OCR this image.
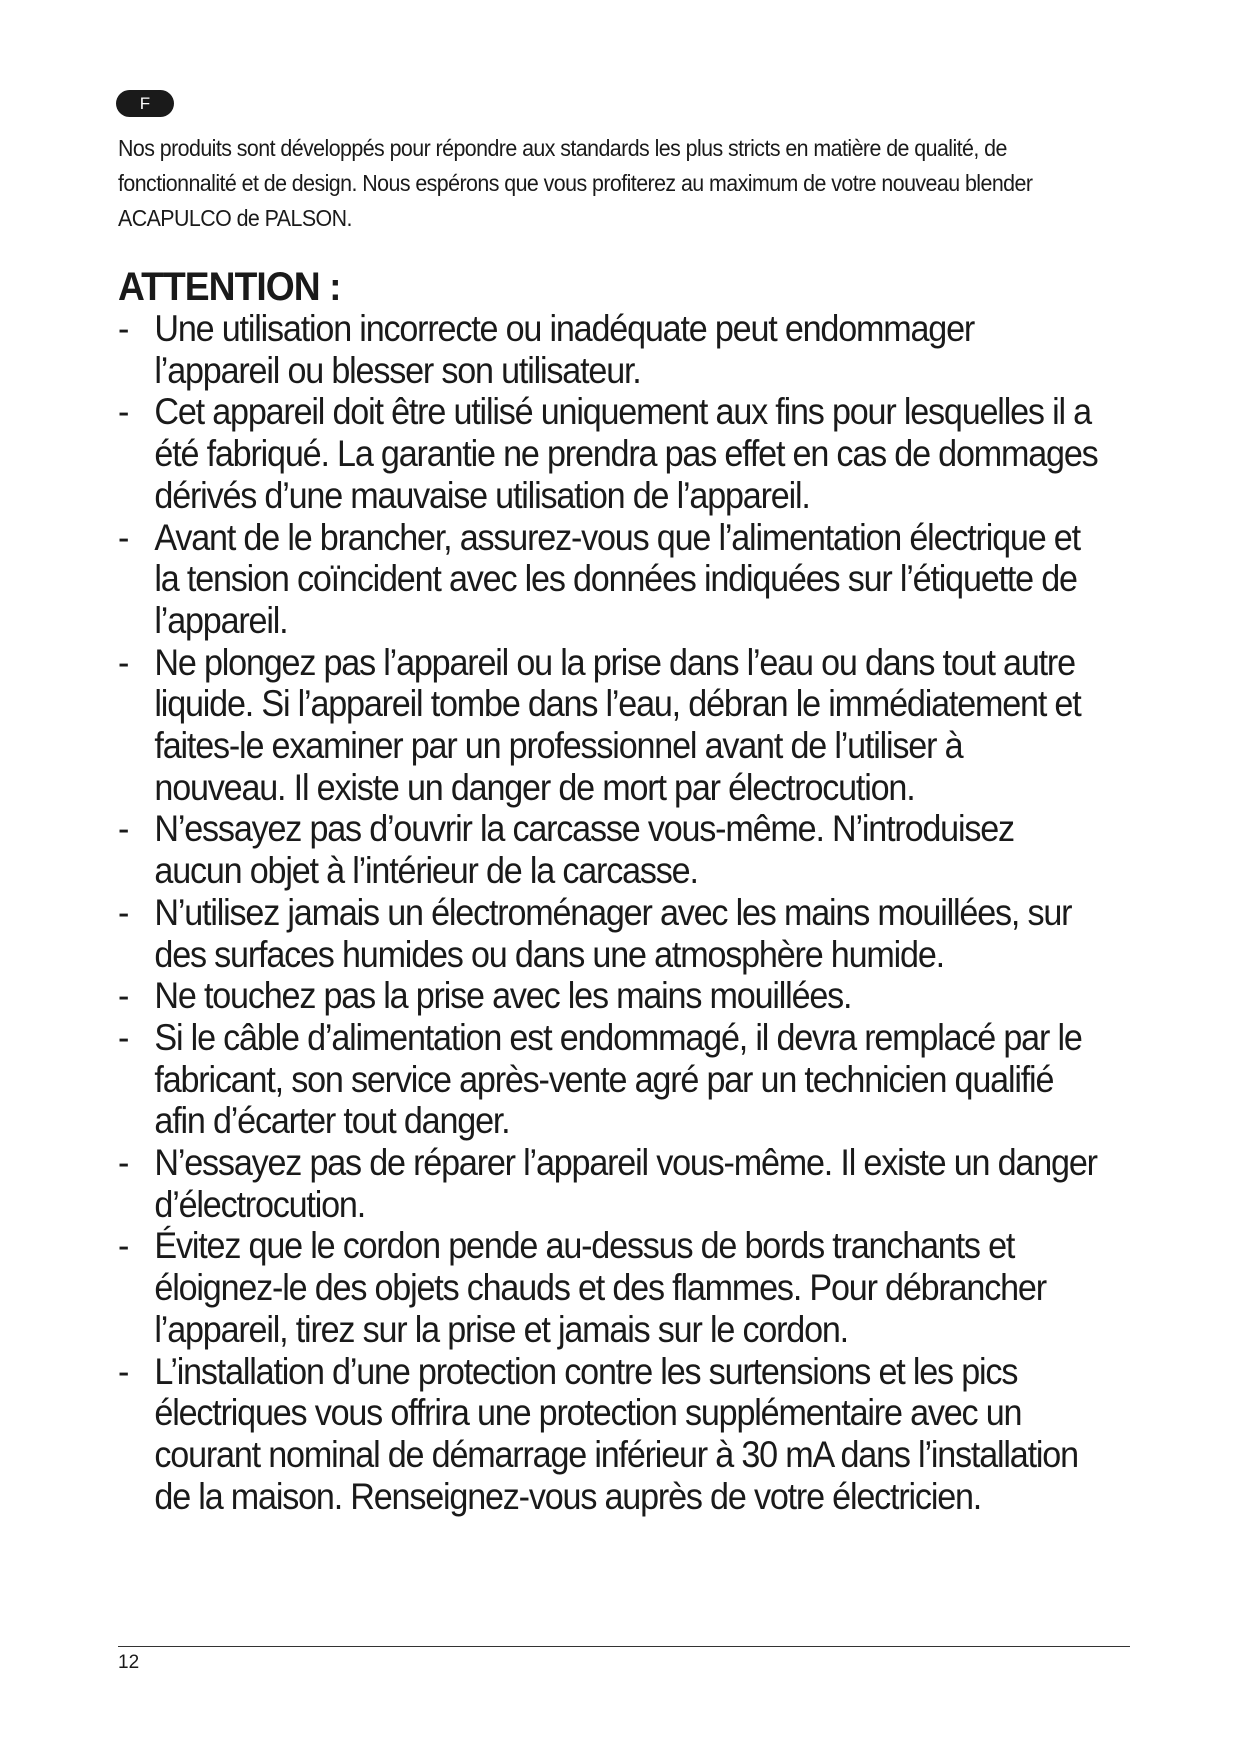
F
Nos produits sont développés pour répondre aux standards les plus stricts en matière de qualité, de fonctionnalité et de design. Nous espérons que vous profiterez au maximum de votre nouveau blender ACAPULCO de PALSON.
ATTENTION :
- Une utilisation incorrecte ou inadéquate peut endommager l’appareil ou blesser son utilisateur.
- Cet appareil doit être utilisé uniquement aux fins pour lesquelles il a été fabriqué. La garantie ne prendra pas effet en cas de dommages dérivés d’une mauvaise utilisation de l’appareil.
- Avant de le brancher, assurez-vous que l’alimentation électrique et la tension coïncident avec les données indiquées sur l’étiquette de l’appareil.
- Ne plongez pas l’appareil ou la prise dans l’eau ou dans tout autre liquide. Si l’appareil tombe dans l’eau, débran le immédiatement et faites-le examiner par un professionnel avant de l’utiliser à nouveau. Il existe un danger de mort par électrocution.
- N’essayez pas d’ouvrir la carcasse vous-même. N’introduisez aucun objet à l’intérieur de la carcasse.
- N’utilisez jamais un électroménager avec les mains mouillées, sur des surfaces humides ou dans une atmosphère humide.
- Ne touchez pas la prise avec les mains mouillées.
- Si le câble d’alimentation est endommagé, il devra remplacé par le fabricant, son service après-vente agré par un technicien qualifié afin d’écarter tout danger.
- N’essayez pas de réparer l’appareil vous-même. Il existe un danger d’électrocution.
- Évitez que le cordon pende au-dessus de bords tranchants et éloignez-le des objets chauds et des flammes. Pour débrancher l’appareil, tirez sur la prise et jamais sur le cordon.
- L’installation d’une protection contre les surtensions et les pics électriques vous offrira une protection supplémentaire avec un courant nominal de démarrage inférieur à 30 mA dans l’installation de la maison. Renseignez-vous auprès de votre électricien.
12
